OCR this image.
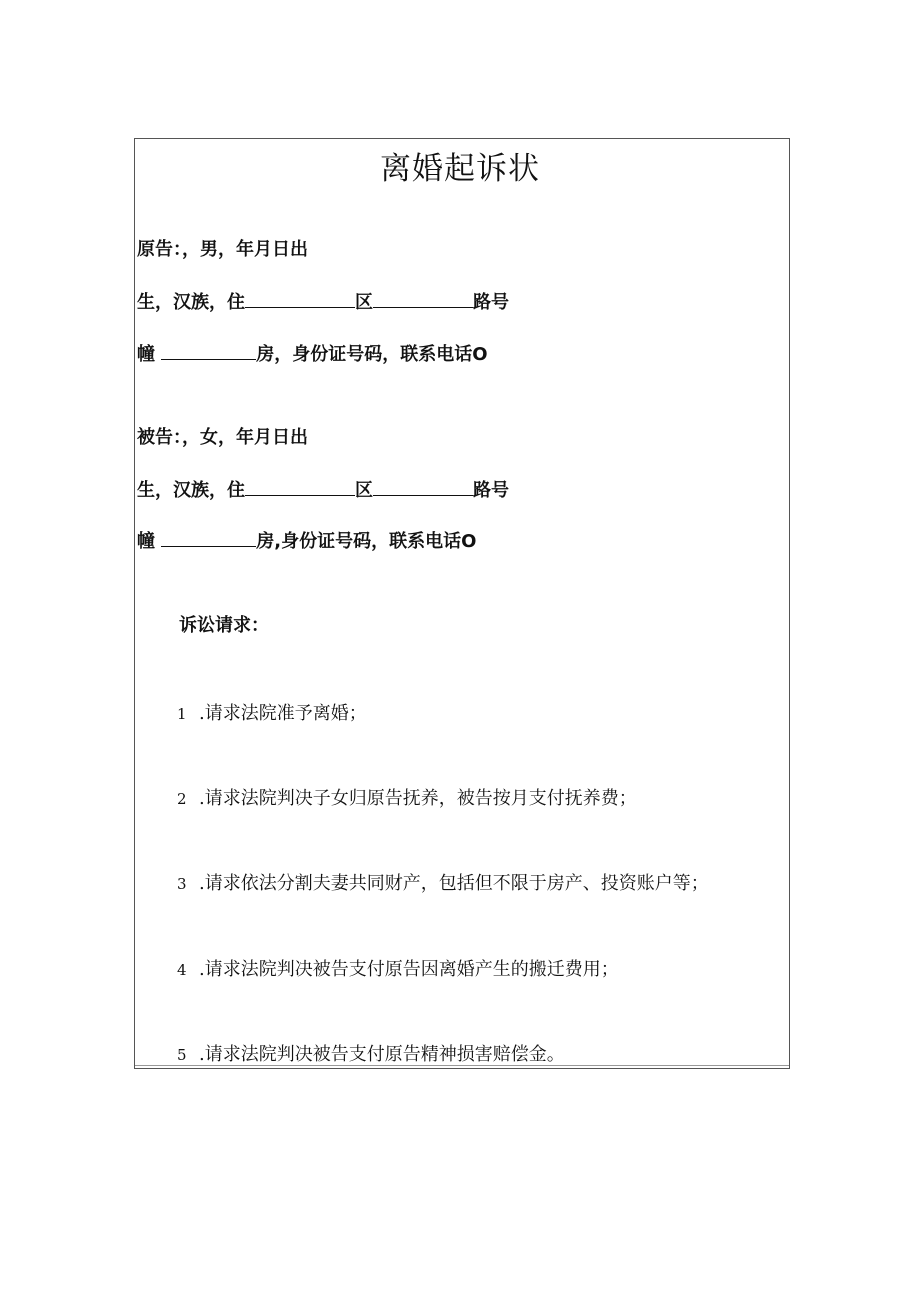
离婚起诉状
原告：，男，年月日出
生，汉族，住	区	路号
幢	房，身份证号码，联系电话O
被告：，女，年月日出
生，汉族，住	区	路号
幢	房,身份证号码，联系电话O
诉讼请求：
1 .请求法院准予离婚；
2 .请求法院判决子女归原告抚养，被告按月支付抚养费；
3 .请求依法分割夫妻共同财产，包括但不限于房产、投资账户等；
4 .请求法院判决被告支付原告因离婚产生的搬迁费用；
5 .请求法院判决被告支付原告精神损害赔偿金。
